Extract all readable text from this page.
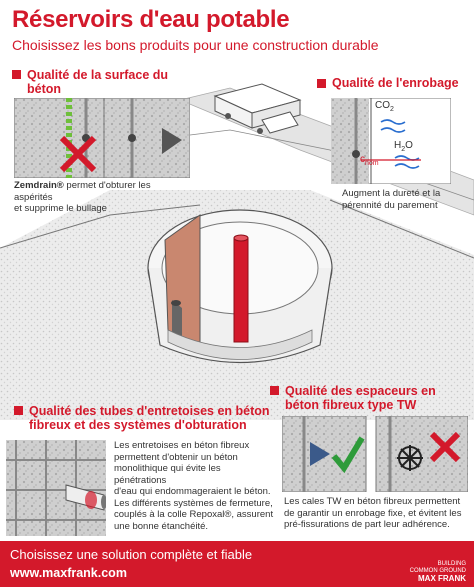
Réservoirs d'eau potable
Choisissez les bons produits pour une construction durable
Qualité de la surface du
béton
Zemdrain® permet d'obturer les aspérités
et supprime le bullage
Qualité de l'enrobage
$CO_2$
$H_2O$
$c_{nom}$
Augment la dureté et la
pérennité du parement
Qualité des tubes d'entretoises en béton
fibreux et des systèmes d'obturation
Les entretoises en béton fibreux
permettent d'obtenir un béton
monolithique qui évite les pénétrations
d'eau qui endommageraient le béton.
Les différents systèmes de fermeture,
couplés à la colle Repoxal®, assurent
une bonne étanchéité.
Qualité des espaceurs en
béton fibreux type TW
Les cales TW en béton fibreux permettent
de garantir un enrobage fixe, et évitent les
pré-fissurations de part leur adhérence.
Choisissez une solution complète et fiable
www.maxfrank.com
BUILDING
COMMON GROUND
MAX FRANK
